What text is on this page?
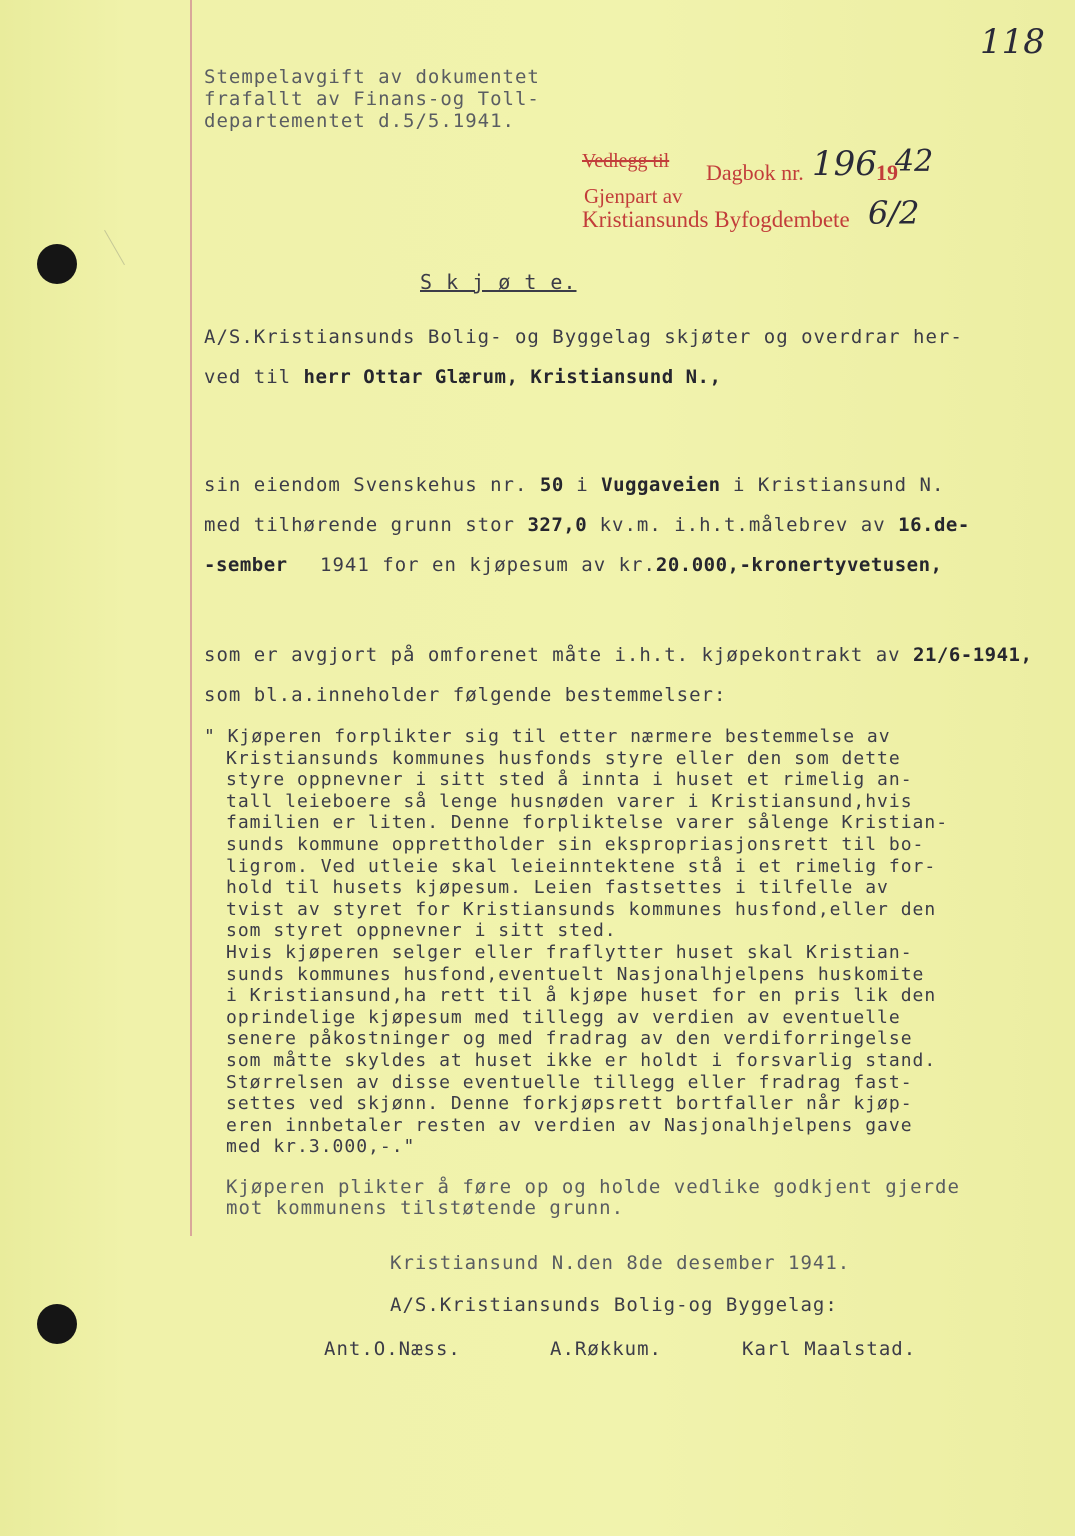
118
Stempelavgift av dokumentet
frafallt av Finans-og Toll-
departementet d.5/5.1941.
Vedlegg til Dagbok nr. 196 19
42
Gjenpart av
Kristiansunds Byfogdembete 6/2
S k j ø t e.
A/S.Kristiansunds Bolig- og Byggelag skjøter og overdrar her-
ved til herr Ottar Glærum, Kristiansund N.,
sin eiendom Svenskehus nr. 50 i Vuggaveien i Kristiansund N.
med tilhørende grunn stor 327,0 kv.m. i.h.t.målebrev av 16.de-
-sember 1941 for en kjøpesum av kr.20.000,-kronertyvetusen,
som er avgjort på omforenet måte i.h.t. kjøpekontrakt av 21/6-1941,
som bl.a.inneholder følgende bestemmelser:
" Kjøperen forplikter sig til etter nærmere bestemmelse av
Kristiansunds kommunes husfonds styre eller den som dette
styre oppnevner i sitt sted å innta i huset et rimelig an-
tall leieboere så lenge husnøden varer i Kristiansund,hvis
familien er liten. Denne forpliktelse varer sålenge Kristian-
sunds kommune opprettholder sin ekspropriasjonsrett til bo-
ligrom. Ved utleie skal leieinntektene stå i et rimelig for-
hold til husets kjøpesum. Leien fastsettes i tilfelle av
tvist av styret for Kristiansunds kommunes husfond,eller den
som styret oppnevner i sitt sted.
Hvis kjøperen selger eller fraflytter huset skal Kristian-
sunds kommunes husfond,eventuelt Nasjonalhjelpens huskomite
i Kristiansund,ha rett til å kjøpe huset for en pris lik den
oprindelige kjøpesum med tillegg av verdien av eventuelle
senere påkostninger og med fradrag av den verdiforringelse
som måtte skyldes at huset ikke er holdt i forsvarlig stand.
Størrelsen av disse eventuelle tillegg eller fradrag fast-
settes ved skjønn. Denne forkjøpsrett bortfaller når kjøp-
eren innbetaler resten av verdien av Nasjonalhjelpens gave
med kr.3.000,-."
Kjøperen plikter å føre op og holde vedlike godkjent gjerde
mot kommunens tilstøtende grunn.
Kristiansund N.den 8de desember 1941.
A/S.Kristiansunds Bolig-og Byggelag:
Ant.O.Næss.	A.Røkkum.	Karl Maalstad.
